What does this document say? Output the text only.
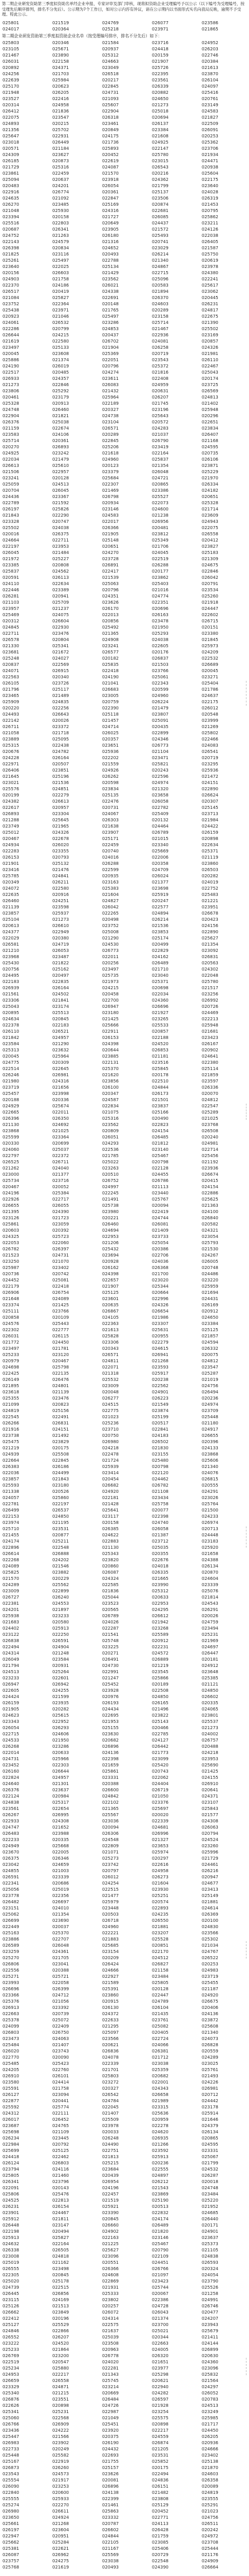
第二期企业研发资助第三季度拟资助名单经企业申报、专家评审及部门审核，现将拟资助企业受理编号予以公示（以下编号为受理编号，按受理先后顺序排列，排名不分先后）。公示期为7个工作日，如对公示内容有异议，请在公示期内以书面形式实名向我局反映，逾期不予受理。特此公示。
025801	021519	024769	026077	023586
024017	020364	025218	023971	021865
第二期企业研发资助第三季度拟资助企业名单（按受理编号排序，排名不分先后）如下：
025803	020346	021584	023716	024952
023105	025671	020937	024418	026203
021467	023890	025312	020159	022746
026031	022158	024663	021907	020384
020892	024371	023049	025726	021613
024256	021703	026518	022395	023870
022639	025984	020217	023561	026104
025170	020623	022845	026339	024097
021948	026205	024731	020882	025416
023527	022416	021093	024650	020761
020314	024958	025607	021273	023149
026412	021836	022904	025018	024583
022075	023547	026318	020694	021827
024893	020215	023461	026137	022509
021356	025702	020849	023384	026091
025647	022931	024175	021608	020253
023018	026449	021736	024925	025362
020571	021184	025893	022147	023706
024309	023627	020452	025780	021934
026185	020873	022619	023015	024471
021729	025316	024087	026543	020938
023861	022459	021570	020216	025604
025094	020637	023918	024362	022175
020483	024201	026054	021799	023640
022916	026774	020361	025137	024028
024635	021092	022847	023506	026319
026270	023485	025169	020874	021453
021048	025930	024316	022681	020795
023394	020158	021727	026085	025862
025516	022803	020649	024437	023211
020687	026341	023905	021572	024126
024752	021263	026180	025493	022038
022143	024579	021316	020741	026405
026398	020834	024652	023029	021587
021825	023116	020493	026214	025750
025261	025497	022788	021340	020619
023640	022025	025134	024867	023978
020156	026603	021429	022715	024380
024903	021758	023562	025096	022241
022370	024186	026021	020583	025617
026517	020419	024338	021894	023062
021084	025827	022691	026370	020445
023752	022364	020148	024603	026231
025438	023971	021765	020289	024817
020923	021046	025497	023158	022675
024061	026532	023286	025714	021390
022286	020799	024853	021467	025502
026644	024215	020437	022936	023169
021619	022580	026702	024081	020857
023497	025133	021904	026258	024326
020045	023608	025369	020719	021981
025886	021374	022051	023543	026110
024190	026019	020796	025372	022467
022517	020485	024274	021816	025043
026933	024357	023611	022408	020174
021273	022846	026083	024959	023725
023806	025292	021432	020631	026569
020461	023179	025964	026207	024813
025328	020913	022189	021745	021402
024748	026460	020327	023196	025948
022904	021821	024738	025643	020296
026376	025038	023104	020572	022651
021159	022674	026571	024283	023834
023583	024106	020289	021037	026407
025714	020361	022845	026790	021168
020270	026893	025206	023419	024595
024925	023242	021618	022164	020735
022034	021479	024960	025837	026106
026613	025610	020123	021354	023871
021506	022957	023379	026048	025229
023241	020128	025684	024721	021970
025059	024513	022307	020865	026334
020704	026045	021469	023386	024182
024436	023367	026798	025527	020651
022789	021592	020934	022073	025328
026197	025826	023146	024600	021714
021843	022290	024583	021238	023609
023328	020747	022017	026956	024943
025502	024038	026366	020481	022075
020016	026375	021905	023812	026558
024664	022711	025148	025349	020412
022197	023953	020651	021706	023827
026045	021484	024270	024045	025183
021972	025227	023728	022519	021309
023385	020808	026891	026288	024675
025837	024562	022417	020177	022846
020591	026113	021539	023862	026042
024110	022634	025063	025403	020791
022446	023389	020796	021016	023534
026281	020941	024351	024774	025260
021103	025709	023626	022351	021918
023957	021237	026170	020696	024447
025469	024075	022013	026163	022602
020312	026604	020856	023478	026715
024845	022930	025492	021950	020151
022711	023476	021365	025293	023380
026578	020804	024908	024038	021845
021330	025341	023241	022605	025973
023681	021672	026577	020176	024209
025248	024027	020182	026837	022532
020837	022569	025835	021503	026689
024071	026915	022418	023766	020045
022563	020340	024190	025061	023271
026105	023726	021041	022343	025404
021796	025117	026683	020599	021786
023465	021489	023005	024960	024637
025909	024835	020759	026224	022175
020220	022256	022390	021479	026012
024493	026643	025118	023807	020548
022142	020026	021457	025091	023999
026711	023372	024714	020435	021269
021058	021718	026025	022899	025802
023889	025095	020357	024346	022466
025315	022438	023651	026773	024083
020676	024782	025936	021104	026541
024228	026164	022202	023471	020719
022971	020507	021559	025821	023295
026406	023851	024926	020243	025936
021645	025196	026262	022596	021472
023021	021536	020598	024974	024151
025576	024851	023834	021320	022890
020199	022279	025135	023658	026624
024382	026613	022476	026058	020307
022617	020957	020731	022782	025145
026893	023304	024067	025409	023713
021288	025645	026303	020132	021984
023749	021965	021638	024464	024422
025012	024326	023907	026789	026159
020467	022678	025171	021015	020898
024934	026020	022459	023340	022634
022283	023355	020740	025669	025371
026153	020793	024016	022006	021119
021901	025132	026288	020358	023860
023416	021476	022599	024709	026503
025785	024841	020935	026024	020282
020349	026211	023163	021377	024019
024072	022580	025383	023698	022752
022635	020916	021604	025919	025483
026460	024251	024827	020247	021221
021139	023598	026042	022577	023951
023857	025937	022265	024894	026678
025104	021273	020498	026214	020423
020613	026610	023752	021536	024156
024377	022949	025008	023853	022890
022029	020380	021290	025174	025627
026581	024719	024530	020499	021354
021210	026053	026773	022829	023092
023968	023487	022011	024162	026831
025430	021822	020256	026489	020563
020756	025162	023497	021710	024302
024495	020497	025735	023040	022048
022183	022835	021973	025371	025780
026939	026164	024215	020698	021517
021561	024502	020458	022034	023256
023306	021841	022700	024360	026992
025043	023174	026947	026696	020726
020895	025513	023180	021927	024469
024634	020845	021425	023265	022213
022378	022183	025666	025533	025948
026110	026521	022911	020857	021681
021842	024957	026153	022188	023423
023584	021290	024398	024520	026167
025313	023632	020644	026853	020902
020045	025964	023885	021181	024641
024775	020309	022131	023516	022380
022514	022645	025370	025845	025114
026246	026981	021620	020178	021859
021980	024316	023856	022510	023597
023719	021656	026100	024844	026336
025457	023998	020347	026173	020070
020188	020336	024587	021501	024812
024929	025674	022834	023837	022547
022665	022011	021075	025166	025289
026396	026350	025316	020490	021025
021130	024692	023562	022823	023768
023868	021025	020809	024154	026508
025599	023364	026051	026485	020240
020330	020699	024293	021812	024981
024060	025037	022536	023140	022714
022797	022372	021785	025467	025456
026525	026711	025022	020798	021192
021262	024040	023263	022128	023936
023000	021377	020510	024455	026674
025734	023716	026752	026786	020415
020467	020052	024997	021113	024154
024196	025384	022245	023440	022886
022926	022717	021491	025767	025625
026655	026055	025738	020094	021363
021395	024390	023980	022419	024100
023126	021723	020221	024744	026840
025861	023059	026460	026081	020582
020603	020392	024694	021409	024321
024325	025723	022953	023733	023054
022053	022060	021206	025054	025793
026782	026397	025432	020386	021530
021523	024731	023694	022706	024267
023250	021070	020928	024036	026005
025987	023402	026162	026368	020748
020736	020742	024398	021700	024486
024452	025081	022657	023020	023220
022179	022418	021907	025344	025959
026906	026754	025125	020664	021694
021648	024089	023601	022996	024431
023374	021425	020635	024326	026169
025111	023766	026867	026654	020912
020858	020109	024105	021986	024650
024576	025443	022363	023307	023384
022302	022777	021613	025631	025125
026031	026115	025828	020955	021857
021772	024450	023306	022279	024594
023497	021781	020343	024615	026332
025233	023120	026571	026941	020075
020979	020467	024811	021268	024812
024698	025798	022071	023593	023547
022425	022135	021318	025917	025287
026149	026476	025532	020238	021019
021895	024801	023009	022562	024756
023618	021139	020048	024901	026494
025355	023476	026277	026223	020236
021099	020823	024515	021549	024974
024819	025156	022775	023874	023709
022545	022491	021023	025199	025448
026266	026831	025236	020517	021180
021916	024151	023710	022841	024917
023738	021492	020750	024183	026655
025475	023829	026980	026502	020396
021219	020175	024218	021830	024133
024939	025508	022478	023155	023868
022664	022845	021724	025480	025606
026383	026186	025939	020798	021340
022036	024499	023414	022120	024076
023857	021843	020454	024462	026815
025593	023180	026682	026782	020555
021338	020526	024920	021108	024291
024057	025860	022181	023434	023026
022781	022197	021428	025758	025764
026499	026537	025641	020077	021500
022153	024850	023117	022398	024233
023974	021195	020158	024740	026974
025710	023531	026385	026058	020713
021455	020877	024622	021387	024448
024174	025211	022883	023712	023183
022896	022548	021130	025035	025920
026614	026888	025343	020355	021658
022268	024202	023820	022676	024388
024089	021546	020860	024018	026134
025825	023882	026087	026335	020870
021570	020229	024324	021665	024604
024289	025562	022585	023990	023339
023009	022899	021836	025312	025076
026727	026240	025044	020633	021814
022381	024553	023523	022953	024543
024201	021897	020565	024295	026291
025938	023233	026789	026612	020026
021683	020580	024026	021942	024759
024402	025913	022287	023268	023494
023122	022250	021541	025589	025231
026838	026591	025748	020912	021969
022494	024904	023225	022231	024697
024314	021248	020271	024572	026447
026049	023584	026491	026889	020181
021794	020931	024730	021219	024912
024513	025264	022991	023545	023648
023233	022601	021247	025866	025385
026947	026942	025452	020189	021121
022605	024255	023928	022508	024850
024424	021599	020976	024850	026602
026159	023935	026193	026165	020335
021905	020282	024434	021496	024065
024623	025615	022695	023822	023801
023343	022952	021953	025143	025537
026054	026293	025155	020466	021273
022715	024606	023630	022785	024002
024533	021950	020682	024127	026757
026268	023286	026896	026442	020488
022014	020633	024136	021773	024218
024731	025966	022398	023099	023953
023452	022303	021659	025420	025690
026160	026644	025861	020743	021425
022824	024957	023331	022062	024155
024640	021301	020388	024404	026910
026376	023637	026600	026719	020641
022124	020984	024842	021050	024371
024838	025317	022102	023376	023107
023561	022654	021365	025697	025843
026267	026995	025567	020020	021577
022933	024308	023036	022339	024308
024747	021652	020094	024681	026063
026483	023988	026306	026996	020794
022233	020335	024548	021327	024524
024949	025668	022809	023653	023260
023670	022005	021071	025974	025996
026375	026346	025273	020297	021729
023042	024659	023742	022616	024461
024855	021003	020797	024958	026216
026591	023339	026012	026273	020947
022341	020686	024254	021604	024677
025056	025019	022515	023930	023413
023778	022356	021477	025251	025149
026482	026697	025979	020574	021881
023151	024010	023448	022893	024614
025062	021354	020503	024235	026369
026699	023690	026718	026550	020100
022449	020037	024960	021881	024830
025163	025370	022221	023207	023566
023886	022707	021883	025528	025302
026589	026048	025685	020851	021034
023259	024361	023154	022170	024767
025270	021705	020209	024512	026522
026806	023041	026424	026827	020253
022556	020388	024666	021158	024983
025271	025721	022927	023484	023719
023993	022058	021589	025805	025455
026696	026399	025391	020128	021187
023366	024712	023860	022447	024920
025376	021056	020915	024789	026675
026913	023392	026130	026104	020406
022663	020739	024372	021435	024136
025378	025072	022633	023761	023872
024099	022409	021295	025082	025608
026803	026750	025097	020405	021340
023473	024063	023566	022724	024073
025484	021407	020621	024066	026828
026020	023743	026836	026381	020559
022770	020090	024078	021712	024289
025485	025423	022339	023038	023025
024205	022760	021701	025359	025761
026910	026101	025803	020682	021493
023580	024414	023272	022001	024226
025591	021758	020327	024343	026981
026127	023094	026542	026658	020712
022877	020441	024784	021989	024442
025592	025774	022045	023315	023178
024312	022111	021407	025636	025914
026017	026452	025509	020959	021646
023687	024765	023978	022278	024379
025698	021109	020033	024620	026134
026234	023445	026248	026935	020865
022984	020792	024490	021266	024595
025699	025125	022751	023592	023331
024418	022462	021813	025913	025067
026124	026803	025215	020236	021799
023794	024116	023684	022555	024532
025805	021460	020439	024897	026287
026341	023796	026954	026212	020018
022091	020143	024196	021543	024748
025806	025476	022457	023869	023484
024525	022813	021519	025190	025220
026231	026154	025921	020513	021952
023901	024467	023390	022832	024685
025912	021811	020845	024174	026440
026448	023147	026660	026489	020171
022198	020494	024902	021820	024901
025913	025827	022163	023146	023637
024632	022164	021225	025467	025373
026338	026505	025627	020790	021105
023008	024818	023096	022109	024838
025019	021162	020551	024451	026593
026555	023498	026366	026766	020324
022305	020845	024608	021097	024054
025020	025178	022869	023423	023790
024739	022515	021931	025744	025526
026445	026856	025333	020067	021258
023115	024169	023802	022386	024991
025126	021513	020257	024728	026746
026662	023849	026072	026043	020477
022412	020196	024314	021374	024207
025127	025529	022575	023700	023943
024846	022866	021637	025021	025679
026552	026207	025039	020344	021411
023222	024520	023508	022663	024144
025233	021864	020963	024005	026899
026769	023200	026778	026320	020630
022519	020547	024020	021651	024360
025234	025880	022281	023977	023096
024953	022217	021343	025298	025832
026659	026558	025745	020621	021564
023329	024871	023214	022940	024297
025340	021215	020669	024282	026052
026876	023551	026484	026597	020783
022626	020898	024726	021928	024513
025341	025231	022987	023254	023249
025060	022568	021049	025575	025985
026766	026909	025451	020898	021717
023436	024222	023920	022217	024450
025447	021566	020375	024559	026205
026983	023902	026190	026874	020936
022733	020249	024432	021205	024666
025448	025582	022693	023531	023402
025167	022919	021755	025852	025138
026873	026260	025157	020175	021870
023543	024573	023626	022494	024603
025554	021917	020081	024836	026358
026090	023253	026896	026151	020089
022840	020600	024138	021482	024819
025555	025933	022399	023808	023555
025274	022270	021461	025129	025291
026980	026611	025863	020452	021023
023650	024924	023332	022771	024756
025661	021268	020787	024113	026511
026197	023604	026602	026428	020242
022947	020951	024844	021759	024972
025662	025284	022105	023085	023708
025381	022621	021167	025406	025444
026087	026962	025569	020729	021176
023757	024275	023038	022548	024909
025768	021619	020493	024390	026664
